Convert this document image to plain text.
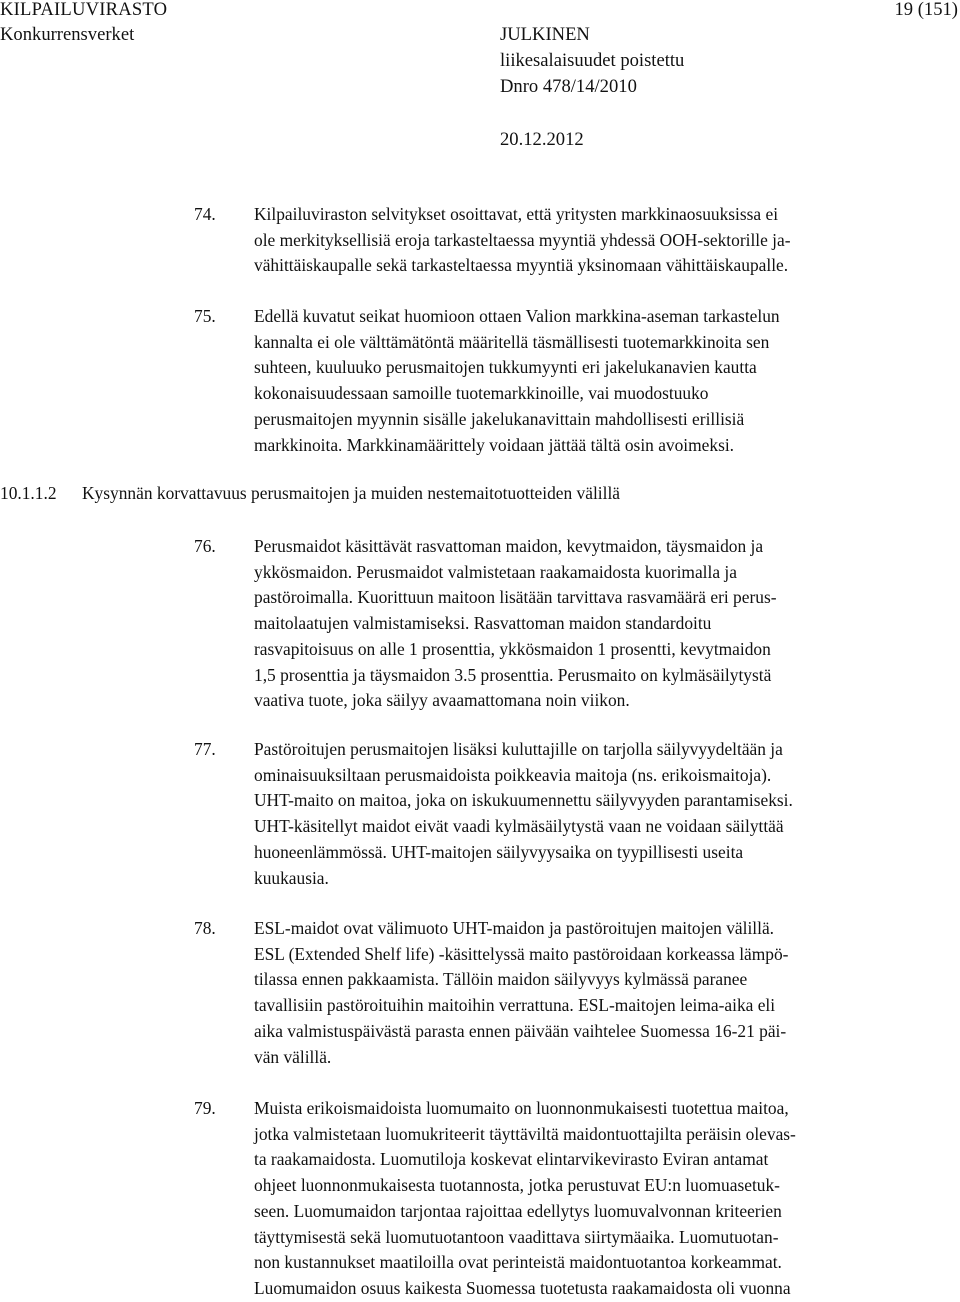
KILPAILUVIRASTO
Konkurrensverket
19 (151)
JULKINEN
liikesalaisuudet poistettu
Dnro 478/14/2010
20.12.2012
74. Kilpailuviraston selvitykset osoittavat, että yritysten markkinaosuuksissa ei
ole merkityksellisiä eroja tarkasteltaessa myyntiä yhdessä OOH-sektorille ja-
vähittäiskaupalle sekä tarkasteltaessa myyntiä yksinomaan vähittäiskaupalle.
75. Edellä kuvatut seikat huomioon ottaen Valion markkina-aseman tarkastelun
kannalta ei ole välttämätöntä määritellä täsmällisesti tuotemarkkinoita sen
suhteen, kuuluuko perusmaitojen tukkumyynti eri jakelukanavien kautta
kokonaisuudessaan samoille tuotemarkkinoille, vai muodostuuko
perusmaitojen myynnin sisälle jakelukanavittain mahdollisesti erillisiä
markkinoita. Markkinamäärittely voidaan jättää tältä osin avoimeksi.
10.1.1.2 Kysynnän korvattavuus perusmaitojen ja muiden nestemaitotuotteiden välillä
76. Perusmaidot käsittävät rasvattoman maidon, kevytmaidon, täysmaidon ja
ykkösmaidon. Perusmaidot valmistetaan raakamaidosta kuorimalla ja
pastöroimalla. Kuorittuun maitoon lisätään tarvittava rasvamäärä eri perus-
maitolaatujen valmistamiseksi. Rasvattoman maidon standardoitu
rasvapitoisuus on alle 1 prosenttia, ykkösmaidon 1 prosentti, kevytmaidon
1,5 prosenttia ja täysmaidon 3.5 prosenttia. Perusmaito on kylmäsäilytystä
vaativa tuote, joka säilyy avaamattomana noin viikon.
77. Pastöroitujen perusmaitojen lisäksi kuluttajille on tarjolla säilyvyydeltään ja
ominaisuuksiltaan perusmaidoista poikkeavia maitoja (ns. erikoismaitoja).
UHT-maito on maitoa, joka on iskukuumennettu säilyvyyden parantamiseksi.
UHT-käsitellyt maidot eivät vaadi kylmäsäilytystä vaan ne voidaan säilyttää
huoneenlämmössä. UHT-maitojen säilyvyysaika on tyypillisesti useita
kuukausia.
78. ESL-maidot ovat välimuoto UHT-maidon ja pastöroitujen maitojen välillä.
ESL (Extended Shelf life) -käsittelyssä maito pastöroidaan korkeassa lämpö-
tilassa ennen pakkaamista. Tällöin maidon säilyvyys kylmässä paranee
tavallisiin pastöroituihin maitoihin verrattuna. ESL-maitojen leima-aika eli
aika valmistuspäivästä parasta ennen päivään vaihtelee Suomessa 16-21 päi-
vän välillä.
79. Muista erikoismaidoista luomumaito on luonnonmukaisesti tuotettua maitoa,
jotka valmistetaan luomukriteerit täyttäviltä maidontuottajilta peräisin olevas-
ta raakamaidosta. Luomutiloja koskevat elintarvikevirasto Eviran antamat
ohjeet luonnonmukaisesta tuotannosta, jotka perustuvat EU:n luomuasetuk-
seen. Luomumaidon tarjontaa rajoittaa edellytys luomuvalvonnan kriteerien
täyttymisestä sekä luomutuotantoon vaadittava siirtymäaika. Luomutuotan-
non kustannukset maatiloilla ovat perinteistä maidontuotantoa korkeammat.
Luomumaidon osuus kaikesta Suomessa tuotetusta raakamaidosta oli vuonna
